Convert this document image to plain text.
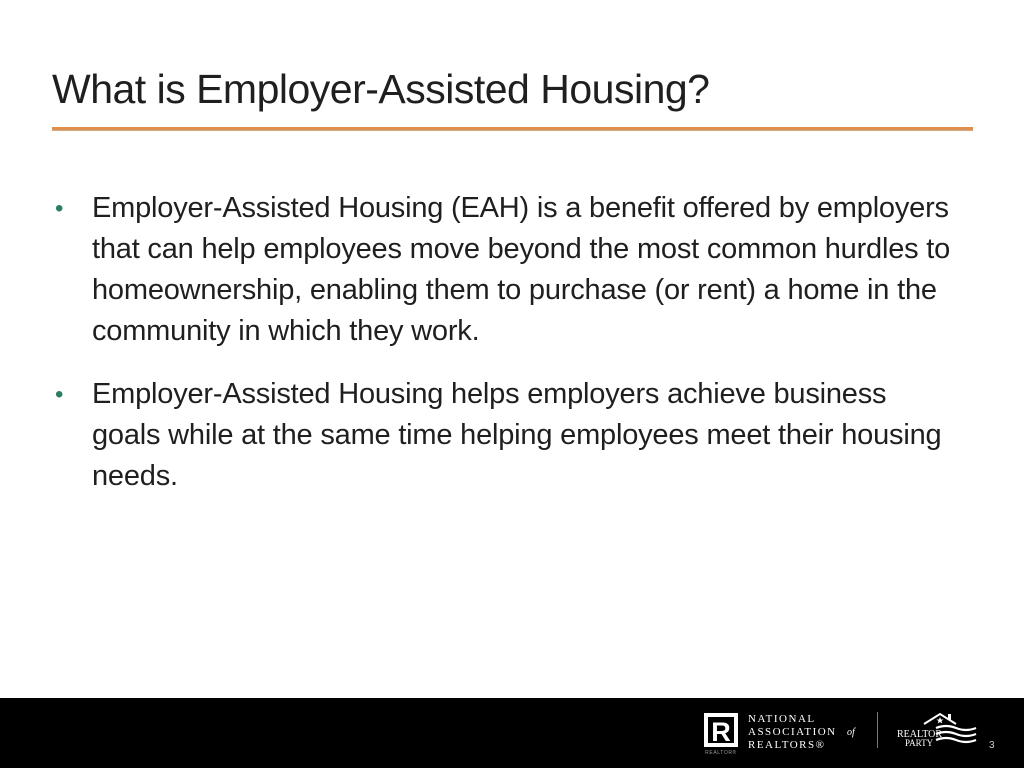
What is Employer-Assisted Housing?
• Employer-Assisted Housing (EAH) is a benefit offered by employers that can help employees move beyond the most common hurdles to homeownership, enabling them to purchase (or rent) a home in the community in which they work.
• Employer-Assisted Housing helps employers achieve business goals while at the same time helping employees meet their housing needs.
R
REALTOR®
NATIONAL
ASSOCIATION of
REALTORS®
REALTOR
PARTY	3
